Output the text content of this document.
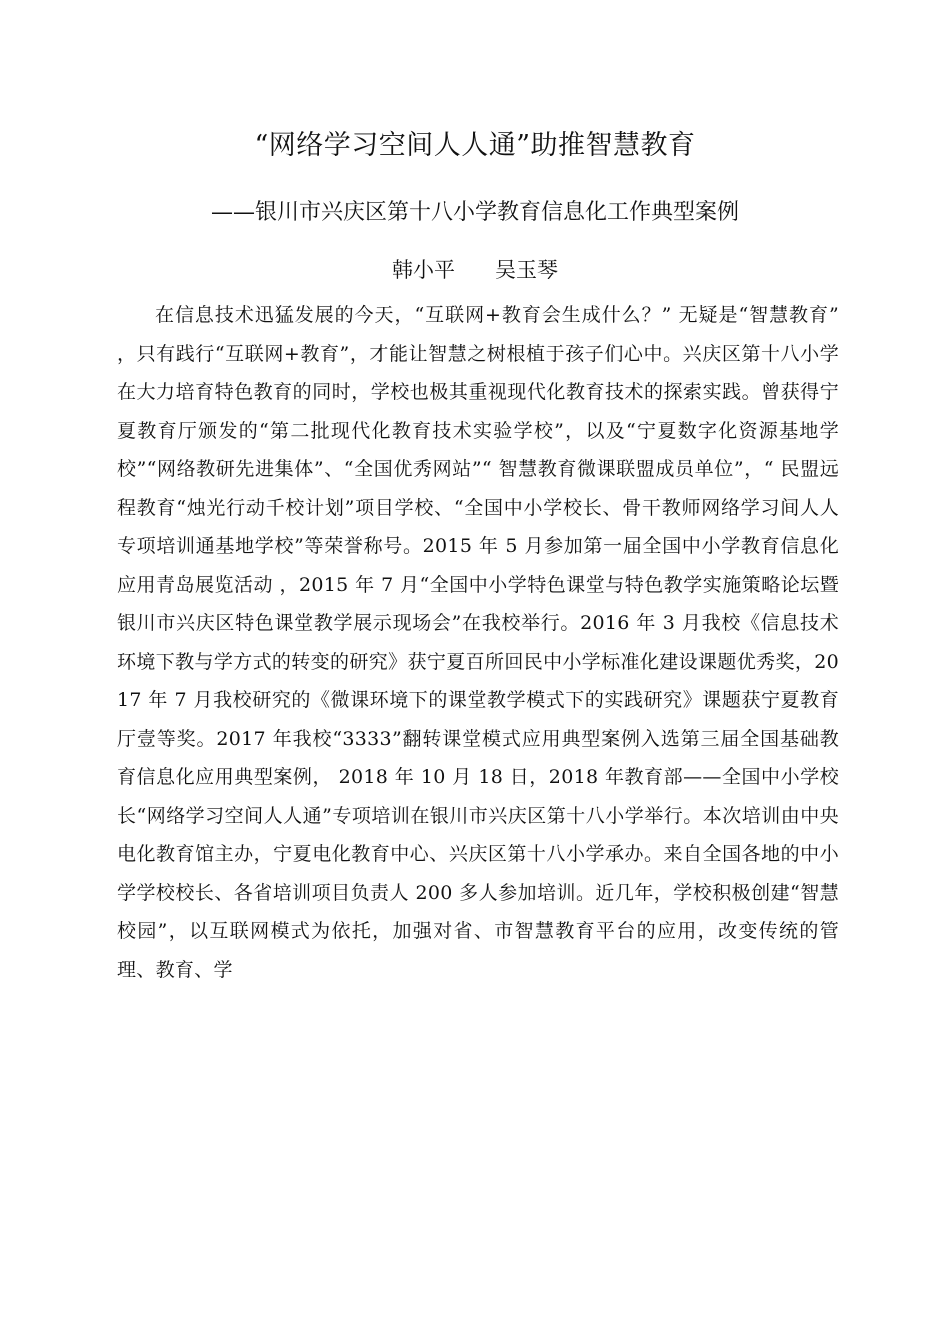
“网络学习空间人人通”助推智慧教育
——银川市兴庆区第十八小学教育信息化工作典型案例
韩小平 吴玉琴

在信息技术迅猛发展的今天，“互联网+教育会生成什么？” 无疑是“智慧教育” ，只有践行“互联网+教育”，才能让智慧之树根植于孩子们心中。兴庆区第十八小学在大力培育特色教育的同时，学校也极其重视现代化教育技术的探索实践。曾获得宁夏教育厅颁发的“第二批现代化教育技术实验学校”，以及“宁夏数字化资源基地学校”“网络教研先进集体”、“全国优秀网站”“ 智慧教育微课联盟成员单位”，“ 民盟远程教育“烛光行动千校计划”项目学校、“全国中小学校长、骨干教师网络学习间人人专项培训通基地学校”等荣誉称号。2015 年 5 月参加第一届全国中小学教育信息化应用青岛展览活动 ，2015 年 7 月“全国中小学特色课堂与特色教学实施策略论坛暨银川市兴庆区特色课堂教学展示现场会”在我校举行。2016 年 3 月我校《信息技术环境下教与学方式的转变的研究》获宁夏百所回民中小学标准化建设课题优秀奖，2017 年 7 月我校研究的《微课环境下的课堂教学模式下的实践研究》课题获宁夏教育厅壹等奖。2017 年我校“3333”翻转课堂模式应用典型案例入选第三届全国基础教育信息化应用典型案例， 2018 年 10 月 18 日，2018 年教育部——全国中小学校长“网络学习空间人人通”专项培训在银川市兴庆区第十八小学举行。本次培训由中央电化教育馆主办，宁夏电化教育中心、兴庆区第十八小学承办。来自全国各地的中小学学校校长、各省培训项目负责人 200 多人参加培训。近几年，学校积极创建“智慧校园”，以互联网模式为依托，加强对省、市智慧教育平台的应用，改变传统的管理、教育、学
